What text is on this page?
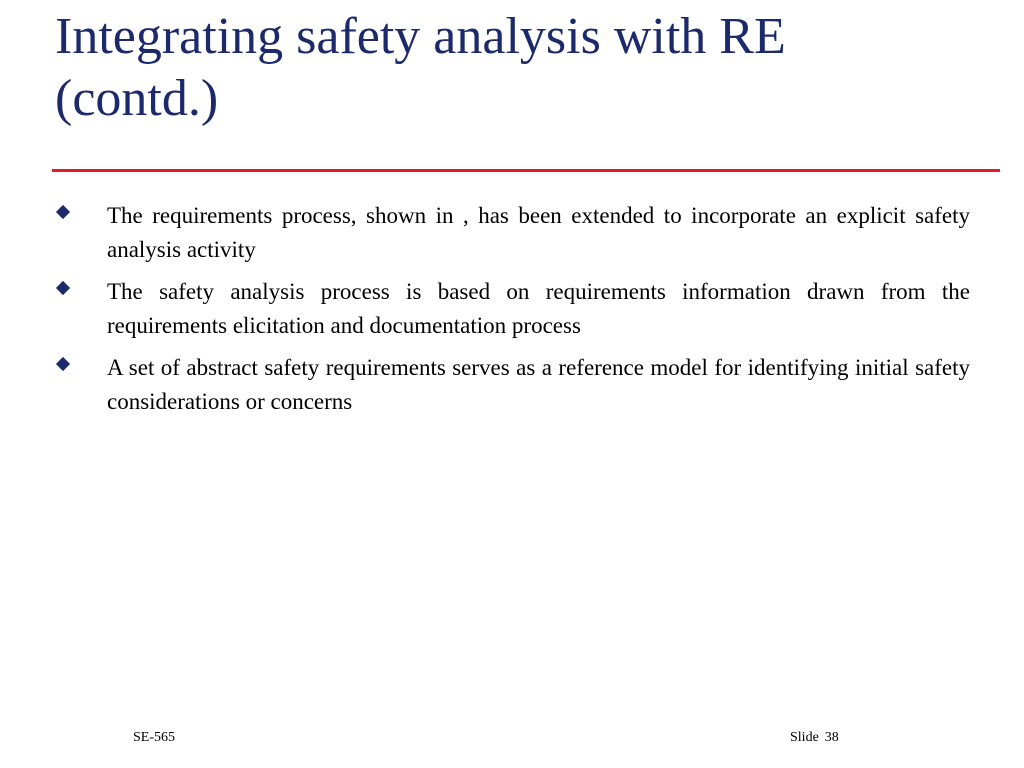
Integrating safety analysis with RE
(contd.)
The requirements process, shown in , has been extended to incorporate an explicit safety analysis activity
The safety analysis process is based on requirements information drawn from the requirements elicitation and documentation process
A set of abstract safety requirements serves as a reference model for identifying initial safety considerations or concerns
SE-565	Slide 38
